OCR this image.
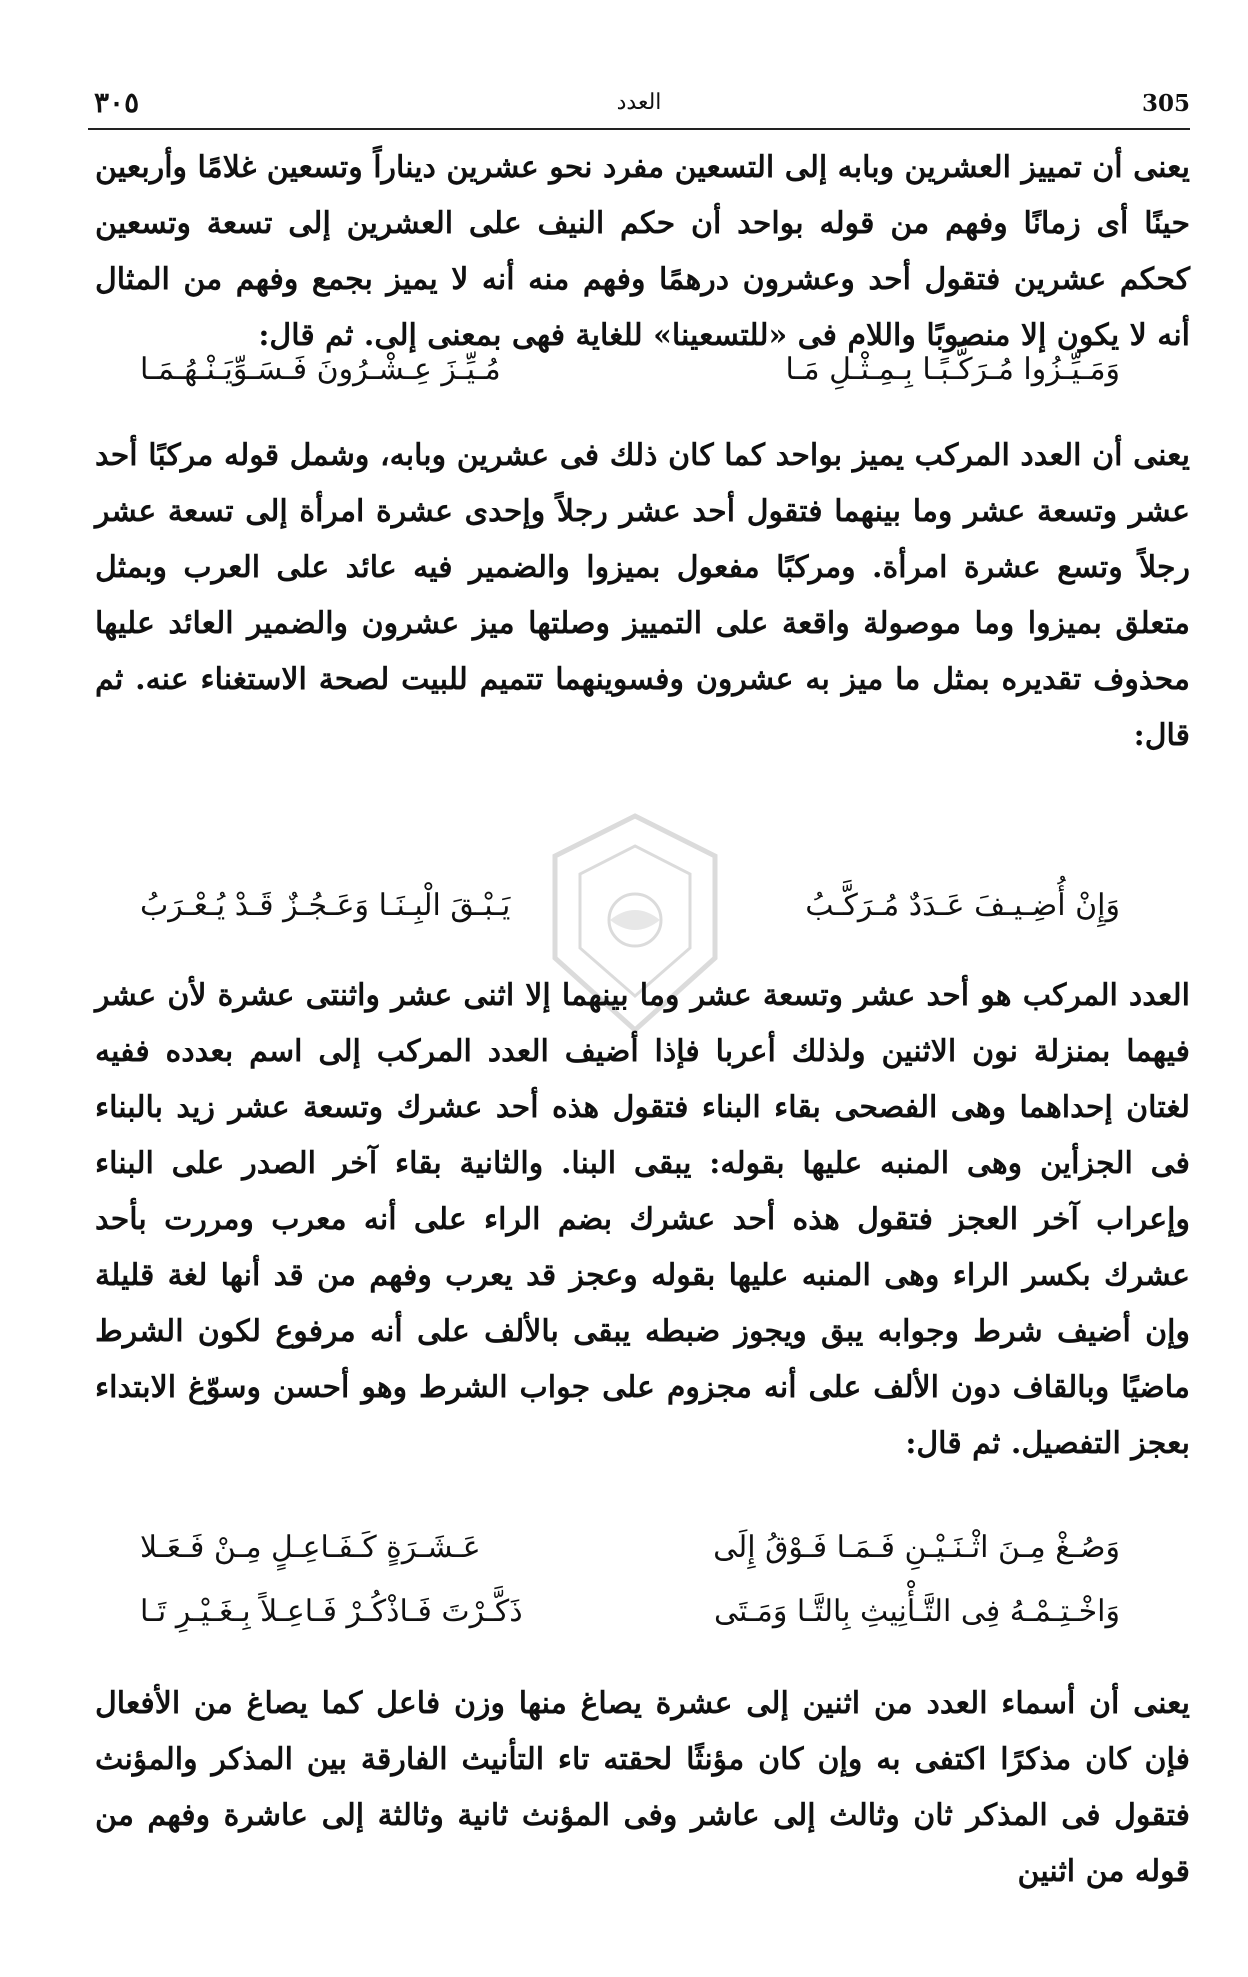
305
العدد
٣٠٥
يعنى أن تمييز العشرين وبابه إلى التسعين مفرد نحو عشرين ديناراً وتسعين غلامًا وأربعين حينًا أى زمانًا وفهم من قوله بواحد أن حكم النيف على العشرين إلى تسعة وتسعين كحكم عشرين فتقول أحد وعشرون درهمًا وفهم منه أنه لا يميز بجمع وفهم من المثال أنه لا يكون إلا منصوبًا واللام فى «للتسعينا» للغاية فهى بمعنى إلى. ثم قال:
وَمَـيِّـزُوا مُـرَكَّـبًـا بِـمِـثْـلِ مَـا
مُـيِّـزَ عِـشْـرُونَ فَـسَـوِّيَـنْـهُـمَـا
يعنى أن العدد المركب يميز بواحد كما كان ذلك فى عشرين وبابه، وشمل قوله مركبًا أحد عشر وتسعة عشر وما بينهما فتقول أحد عشر رجلاً وإحدى عشرة امرأة إلى تسعة عشر رجلاً وتسع عشرة امرأة. ومركبًا مفعول بميزوا والضمير فيه عائد على العرب وبمثل متعلق بميزوا وما موصولة واقعة على التمييز وصلتها ميز عشرون والضمير العائد عليها محذوف تقديره بمثل ما ميز به عشرون وفسوينهما تتميم للبيت لصحة الاستغناء عنه. ثم قال:
وَإِنْ أُضِـيـفَ عَـدَدٌ مُـرَكَّـبُ
يَـبْـقَ الْبِـنَـا وَعَـجُـزٌ قَـدْ يُـعْـرَبُ
العدد المركب هو أحد عشر وتسعة عشر وما بينهما إلا اثنى عشر واثنتى عشرة لأن عشر فيهما بمنزلة نون الاثنين ولذلك أعربا فإذا أضيف العدد المركب إلى اسم بعدده ففيه لغتان إحداهما وهى الفصحى بقاء البناء فتقول هذه أحد عشرك وتسعة عشر زيد بالبناء فى الجزأين وهى المنبه عليها بقوله: يبقى البنا. والثانية بقاء آخر الصدر على البناء وإعراب آخر العجز فتقول هذه أحد عشرك بضم الراء على أنه معرب ومررت بأحد عشرك بكسر الراء وهى المنبه عليها بقوله وعجز قد يعرب وفهم من قد أنها لغة قليلة وإن أضيف شرط وجوابه يبق ويجوز ضبطه يبقى بالألف على أنه مرفوع لكون الشرط ماضيًا وبالقاف دون الألف على أنه مجزوم على جواب الشرط وهو أحسن وسوّغ الابتداء بعجز التفصيل. ثم قال:
وَصُـغْ مِـنَ اثْـنَـيْـنِ فَـمَـا فَـوْقُ إِلَى
عَـشَـرَةٍ كَـفَـاعِـلٍ مِـنْ فَـعَـلا
وَاخْـتِـمْـهُ فِى التَّـأْنِيثِ بِالتَّـا وَمَـتَى
ذَكَّـرْتَ فَـاذْكُـرْ فَـاعِـلاً بِـغَـيْـرِ تَـا
يعنى أن أسماء العدد من اثنين إلى عشرة يصاغ منها وزن فاعل كما يصاغ من الأفعال فإن كان مذكرًا اكتفى به وإن كان مؤنثًا لحقته تاء التأنيث الفارقة بين المذكر والمؤنث فتقول فى المذكر ثان وثالث إلى عاشر وفى المؤنث ثانية وثالثة إلى عاشرة وفهم من قوله من اثنين
